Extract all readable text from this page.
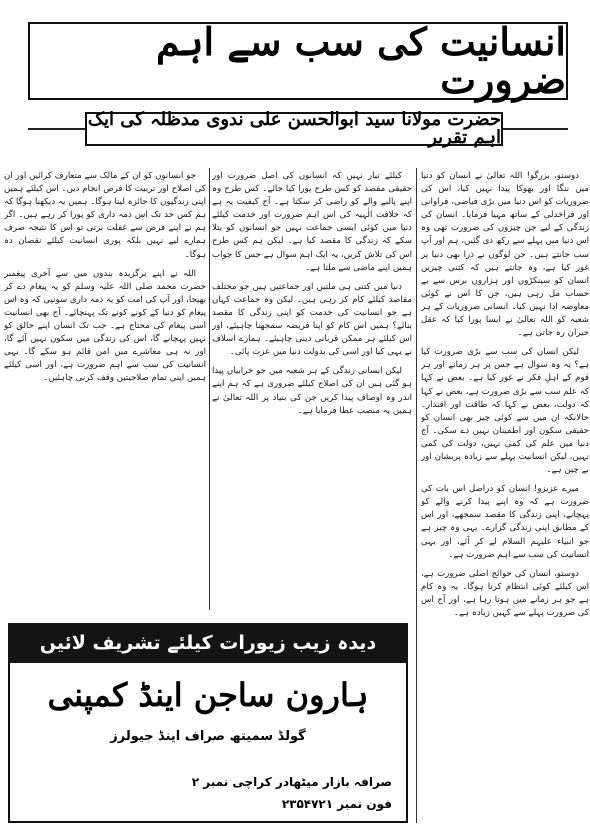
انسانیت کی سب سے اہم ضرورت
حضرت مولانا سید ابوالحسن علی ندوی مدظلہ کی ایک اہم تقریر

دوستو، بزرگو! اللہ تعالیٰ نے انسان کو دنیا میں ننگا اور بھوکا پیدا نہیں کیا، اس کی ضروریات کو اس دنیا میں بڑی فیاضی، فراوانی اور فراخدلی کے ساتھ مہیا فرمایا۔ انسان کی زندگی کے لیے جن چیزوں کی ضرورت تھی وہ اس دنیا میں پہلے سے رکھ دی گئیں، ہم اور آپ سب جانتے ہیں۔ جن لوگوں نے ذرا بھی دنیا پر غور کیا ہے، وہ جانتے ہیں کہ کتنی چیزیں انسان کو سینکڑوں اور ہزاروں برس سے بے حساب مل رہی ہیں، جن کا اس نے کوئی معاوضہ ادا نہیں کیا۔ انسانی ضروریات کے ہر شعبہ کو اللہ تعالیٰ نے ایسا پورا کیا کہ عقل حیران رہ جاتی ہے۔

لیکن انسان کی سب سے بڑی ضرورت کیا ہے؟ یہ وہ سوال ہے جس پر ہر زمانے اور ہر قوم کے اہلِ فکر نے غور کیا ہے۔ بعض نے کہا کہ علم سب سے بڑی ضرورت ہے، بعض نے کہا کہ دولت، بعض نے کہا کہ طاقت اور اقتدار۔ حالانکہ ان میں سے کوئی چیز بھی انسان کو حقیقی سکون اور اطمینان نہیں دے سکی۔ آج دنیا میں علم کی کمی نہیں، دولت کی کمی نہیں، لیکن انسانیت پہلے سے زیادہ پریشان اور بے چین ہے۔

میرے عزیزو! انسان کو دراصل اس بات کی ضرورت ہے کہ وہ اپنے پیدا کرنے والے کو پہچانے، اپنی زندگی کا مقصد سمجھے، اور اس کے مطابق اپنی زندگی گزارے۔ یہی وہ چیز ہے جو انبیاء علیہم السلام لے کر آئے، اور یہی انسانیت کی سب سے اہم ضرورت ہے۔

دوستو، انسان کی حوائج اصلی ضرورت ہے، اس کیلئے کوئی انتظام کرنا ہوگا۔ یہ وہ کام ہے جو ہر زمانے میں ہوتا رہا ہے، اور آج اس کی ضرورت پہلے سے کہیں زیادہ ہے۔

کیلئے تیار نہیں کہ انسانوں کی اصل ضرورت اور حقیقی مقصد کو کس طرح پورا کیا جائے۔ کس طرح وہ اپنے پالنے والے کو راضی کر سکتا ہے۔ آج کیفیت یہ ہے کہ خلافت الٰہیہ کی اس اہم ضرورت اور خدمت کیلئے دنیا میں کوئی ایسی جماعت نہیں جو انسانوں کو بتلا سکے کہ زندگی کا مقصد کیا ہے۔ لیکن ہم کس طرح اس کی تلاش کریں، یہ ایک اہم سوال ہے جس کا جواب ہمیں اپنے ماضی سے ملتا ہے۔

دنیا میں کتنی ہی ملتیں اور جماعتیں ہیں جو مختلف مقاصد کیلئے کام کر رہی ہیں۔ لیکن وہ جماعت کہاں ہے جو انسانیت کی خدمت کو اپنی زندگی کا مقصد بنائے؟ ہمیں اس کام کو اپنا فریضہ سمجھنا چاہیئے، اور اس کیلئے ہر ممکن قربانی دینی چاہیئے۔ ہمارے اسلاف نے یہی کیا اور اسی کی بدولت دنیا میں عزت پائی۔

لیکن انسانی زندگی کے ہر شعبہ میں جو خرابیاں پیدا ہو گئی ہیں ان کی اصلاح کیلئے ضروری ہے کہ ہم اپنے اندر وہ اوصاف پیدا کریں جن کی بنیاد پر اللہ تعالیٰ نے ہمیں یہ منصب عطا فرمایا ہے۔

جو انسانوں کو ان کے مالک سے متعارف کرائیں اور ان کی اصلاح اور تربیت کا فرض انجام دیں۔ اس کیلئے ہمیں اپنی زندگیوں کا جائزہ لینا ہوگا۔ ہمیں یہ دیکھنا ہوگا کہ ہم کس حد تک اس ذمہ داری کو پورا کر رہے ہیں۔ اگر ہم نے اپنے فرض سے غفلت برتی تو اس کا نتیجہ صرف ہمارے لیے نہیں بلکہ پوری انسانیت کیلئے نقصان دہ ہوگا۔

اللہ نے اپنے برگزیدہ بندوں میں سے آخری پیغمبر حضرت محمد صلی اللہ علیہ وسلم کو یہ پیغام دے کر بھیجا، اور آپ کی امت کو یہ ذمہ داری سونپی کہ وہ اس پیغام کو دنیا کے کونے کونے تک پہنچائے۔ آج بھی انسانیت اسی پیغام کی محتاج ہے۔ جب تک انسان اپنے خالق کو نہیں پہچانے گا، اس کی زندگی میں سکون نہیں آئے گا، اور نہ ہی معاشرے میں امن قائم ہو سکے گا۔ یہی انسانیت کی سب سے اہم ضرورت ہے، اور اسی کیلئے ہمیں اپنی تمام صلاحیتیں وقف کرنی چاہئیں۔

دیدہ زیب زیورات کیلئے تشریف لائیں
ہارون ساجن اینڈ کمپنی
گولڈ سمیتھ صراف اینڈ جیولرز
صرافہ بازار میٹھادر کراچی نمبر ۲
فون نمبر ۲۳۵۴۷۲۱
